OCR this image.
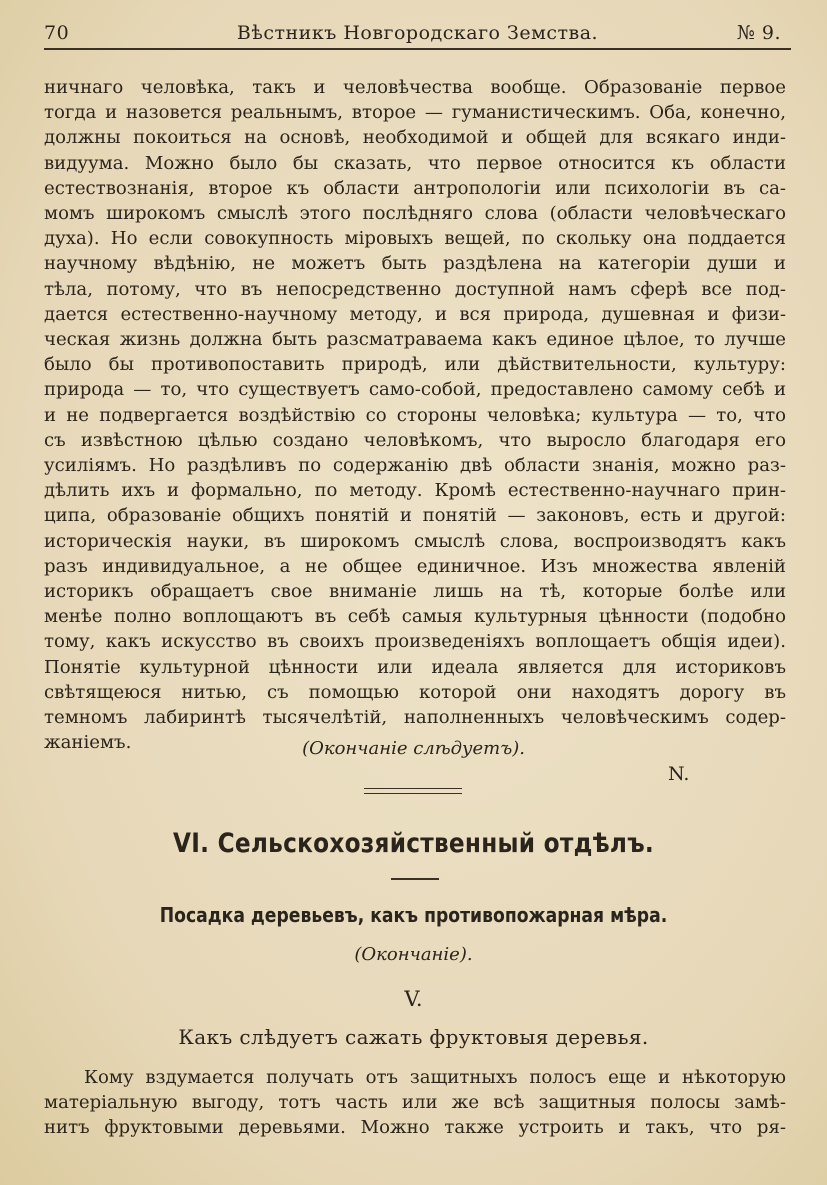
70	Вѣстникъ Новгородскаго Земства.	№ 9.
ничнаго человѣка, такъ и человѣчества вообще. Образованіе первое
тогда и назовется реальнымъ, второе — гуманистическимъ. Оба, конечно,
должны покоиться на основѣ, необходимой и общей для всякаго инди-
видуума. Можно было бы сказать, что первое относится къ области
естествознанія, второе къ области антропологіи или психологіи въ са-
момъ широкомъ смыслѣ этого послѣдняго слова (области человѣческаго
духа). Но если совокупность міровыхъ вещей, по скольку она поддается
научному вѣдѣнію, не можетъ быть раздѣлена на категоріи души и
тѣла, потому, что въ непосредственно доступной намъ сферѣ все под-
дается естественно-научному методу, и вся природа, душевная и физи-
ческая жизнь должна быть разсматраваема какъ единое цѣлое, то лучше
было бы противопоставить природѣ, или дѣйствительности, культуру:
природа — то, что существуетъ само-собой, предоставлено самому себѣ и
и не подвергается воздѣйствію со стороны человѣка; культура — то, что
съ извѣстною цѣлью создано человѣкомъ, что выросло благодаря его
усиліямъ. Но раздѣливъ по содержанію двѣ области знанія, можно раз-
дѣлить ихъ и формально, по методу. Кромѣ естественно-научнаго прин-
ципа, образованіе общихъ понятій и понятій — законовъ, есть и другой:
историческія науки, въ широкомъ смыслѣ слова, воспроизводятъ какъ
разъ индивидуальное, а не общее единичное. Изъ множества явленій
историкъ обращаетъ свое вниманіе лишь на тѣ, которые болѣе или
менѣе полно воплощаютъ въ себѣ самыя культурныя цѣнности (подобно
тому, какъ искусство въ своихъ произведеніяхъ воплощаетъ общія идеи).
Понятіе культурной цѣнности или идеала является для историковъ
свѣтящеюся нитью, съ помощью которой они находятъ дорогу въ
темномъ лабиринтѣ тысячелѣтій, наполненныхъ человѣческимъ содер-
жаніемъ.	(Окончаніе слѣдуетъ).
N.
VI. Сельскохозяйственный отдѣлъ.
Посадка деревьевъ, какъ противопожарная мѣра.
(Окончаніе).
V.
Какъ слѣдуетъ сажать фруктовыя деревья.
Кому вздумается получать отъ защитныхъ полосъ еще и нѣкоторую
матеріальную выгоду, тотъ часть или же всѣ защитныя полосы замѣ-
нитъ фруктовыми деревьями. Можно также устроить и такъ, что ря-
